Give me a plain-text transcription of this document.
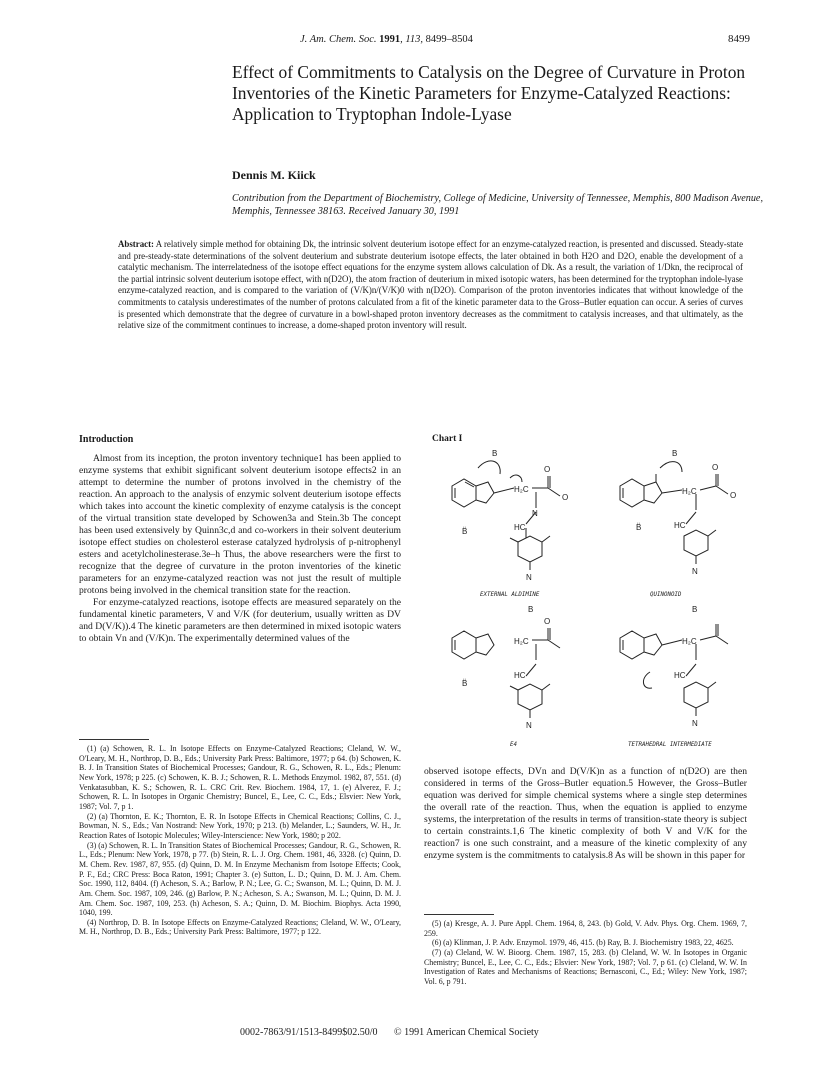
J. Am. Chem. Soc. 1991, 113, 8499–8504	8499
Effect of Commitments to Catalysis on the Degree of Curvature in Proton Inventories of the Kinetic Parameters for Enzyme-Catalyzed Reactions: Application to Tryptophan Indole-Lyase
Dennis M. Kiick
Contribution from the Department of Biochemistry, College of Medicine, University of Tennessee, Memphis, 800 Madison Avenue, Memphis, Tennessee 38163. Received January 30, 1991
Abstract: A relatively simple method for obtaining Dk, the intrinsic solvent deuterium isotope effect for an enzyme-catalyzed reaction, is presented and discussed. Steady-state and pre-steady-state determinations of the solvent deuterium and substrate deuterium isotope effects, the later obtained in both H2O and D2O, enable the development of a catalytic mechanism. The interrelatedness of the isotope effect equations for the enzyme system allows calculation of Dk. As a result, the variation of 1/Dkn, the reciprocal of the partial intrinsic solvent deuterium isotope effect, with n(D2O), the atom fraction of deuterium in mixed isotopic waters, has been determined for the tryptophan indole-lyase enzyme-catalyzed reaction, and is compared to the variation of (V/K)n/(V/K)0 with n(D2O). Comparison of the proton inventories indicates that without knowledge of the commitments to catalysis underestimates of the number of protons calculated from a fit of the kinetic parameter data to the Gross–Butler equation can occur. A series of curves is presented which demonstrate that the degree of curvature in a bowl-shaped proton inventory decreases as the commitment to catalysis increases, and that ultimately, as the relative size of the commitment continues to increase, a dome-shaped proton inventory will result.
Introduction

Almost from its inception, the proton inventory technique1 has been applied to enzyme systems that exhibit significant solvent deuterium isotope effects2 in an attempt to determine the number of protons involved in the chemistry of the reaction. An approach to the analysis of enzymic solvent deuterium isotope effects which takes into account the kinetic complexity of enzyme catalysis is the concept of the virtual transition state developed by Schowen3a and Stein.3b The concept has been used extensively by Quinn3c,d and co-workers in their solvent deuterium isotope effect studies on cholesterol esterase catalyzed hydrolysis of p-nitrophenyl esters and acetylcholinesterase.3e–h Thus, the above researchers were the first to recognize that the degree of curvature in the proton inventories of the kinetic parameters for an enzyme-catalyzed reaction was not just the result of multiple protons being involved in the chemical transition state for the reaction.

For enzyme-catalyzed reactions, isotope effects are measured separately on the fundamental kinetic parameters, V and V/K (for deuterium, usually written as DV and D(V/K)).4 The kinetic parameters are then determined in mixed isotopic waters to obtain Vn and (V/K)n. The experimentally determined values of the

(1) (a) Schowen, R. L. In Isotope Effects on Enzyme-Catalyzed Reactions; Cleland, W. W., O'Leary, M. H., Northrop, D. B., Eds.; University Park Press: Baltimore, 1977; p 64. (b) Schowen, K. B. J. In Transition States of Biochemical Processes; Gandour, R. G., Schowen, R. L., Eds.; Plenum: New York, 1978; p 225. (c) Schowen, K. B. J.; Schowen, R. L. Methods Enzymol. 1982, 87, 551. (d) Venkatasubban, K. S.; Schowen, R. L. CRC Crit. Rev. Biochem. 1984, 17, 1. (e) Alverez, F. J.; Schowen, R. L. In Isotopes in Organic Chemistry; Buncel, E., Lee, C. C., Eds.; Elsvier: New York, 1987; Vol. 7, p 1.

(2) (a) Thornton, E. K.; Thornton, E. R. In Isotope Effects in Chemical Reactions; Collins, C. J., Bowman, N. S., Eds.; Van Nostrand: New York, 1970; p 213. (b) Melander, L.; Saunders, W. H., Jr. Reaction Rates of Isotopic Molecules; Wiley-Interscience: New York, 1980; p 202.

(3) (a) Schowen, R. L. In Transition States of Biochemical Processes; Gandour, R. G., Schowen, R. L., Eds.; Plenum: New York, 1978, p 77. (b) Stein, R. L. J. Org. Chem. 1981, 46, 3328. (c) Quinn, D. M. Chem. Rev. 1987, 87, 955. (d) Quinn, D. M. In Enzyme Mechanism from Isotope Effects; Cook, P. F., Ed.; CRC Press: Boca Raton, 1991; Chapter 3. (e) Sutton, L. D.; Quinn, D. M. J. Am. Chem. Soc. 1990, 112, 8404. (f) Acheson, S. A.; Barlow, P. N.; Lee, G. C.; Swanson, M. L.; Quinn, D. M. J. Am. Chem. Soc. 1987, 109, 246. (g) Barlow, P. N.; Acheson, S. A.; Swanson, M. L.; Quinn, D. M. J. Am. Chem. Soc. 1987, 109, 253. (h) Acheson, S. A.; Quinn, D. M. Biochim. Biophys. Acta 1990, 1040, 199.

(4) Northrop, D. B. In Isotope Effects on Enzyme-Catalyzed Reactions; Cleland, W. W., O'Leary, M. H., Northrop, D. B., Eds.; University Park Press: Baltimore, 1977; p 122.

Chart I
B
O
H₂C
O
N
HC
B̈
N
B
O
H₂C	O
HC
B̈
N
B
H₂C
O
HC
B̈
N
B
H₂C
HC
N
EXTERNAL ALDIMINE	QUINONOID
E4	TETRAHEDRAL INTERMEDIATE

observed isotope effects, DVn and D(V/K)n as a function of n(D2O) are then considered in terms of the Gross–Butler equation.5 However, the Gross–Butler equation was derived for simple chemical systems where a single step determines the overall rate of the reaction. Thus, when the equation is applied to enzyme systems, the interpretation of the results in terms of transition-state theory is subject to certain constraints.1,6 The kinetic complexity of both V and V/K for the reaction7 is one such constraint, and a measure of the kinetic complexity of any enzyme system is the commitments to catalysis.8 As will be shown in this paper for

(5) (a) Kresge, A. J. Pure Appl. Chem. 1964, 8, 243. (b) Gold, V. Adv. Phys. Org. Chem. 1969, 7, 259.

(6) (a) Klinman, J. P. Adv. Enzymol. 1979, 46, 415. (b) Ray, B. J. Biochemistry 1983, 22, 4625.

(7) (a) Cleland, W. W. Bioorg. Chem. 1987, 15, 283. (b) Cleland, W. W. In Isotopes in Organic Chemistry; Buncel, E., Lee, C. C., Eds.; Elsvier: New York, 1987; Vol. 7, p 61. (c) Cleland, W. W. In Investigation of Rates and Mechanisms of Reactions; Bernasconi, C., Ed.; Wiley: New York, 1987; Vol. 6, p 791.

0002-7863/91/1513-8499$02.50/0 © 1991 American Chemical Society
